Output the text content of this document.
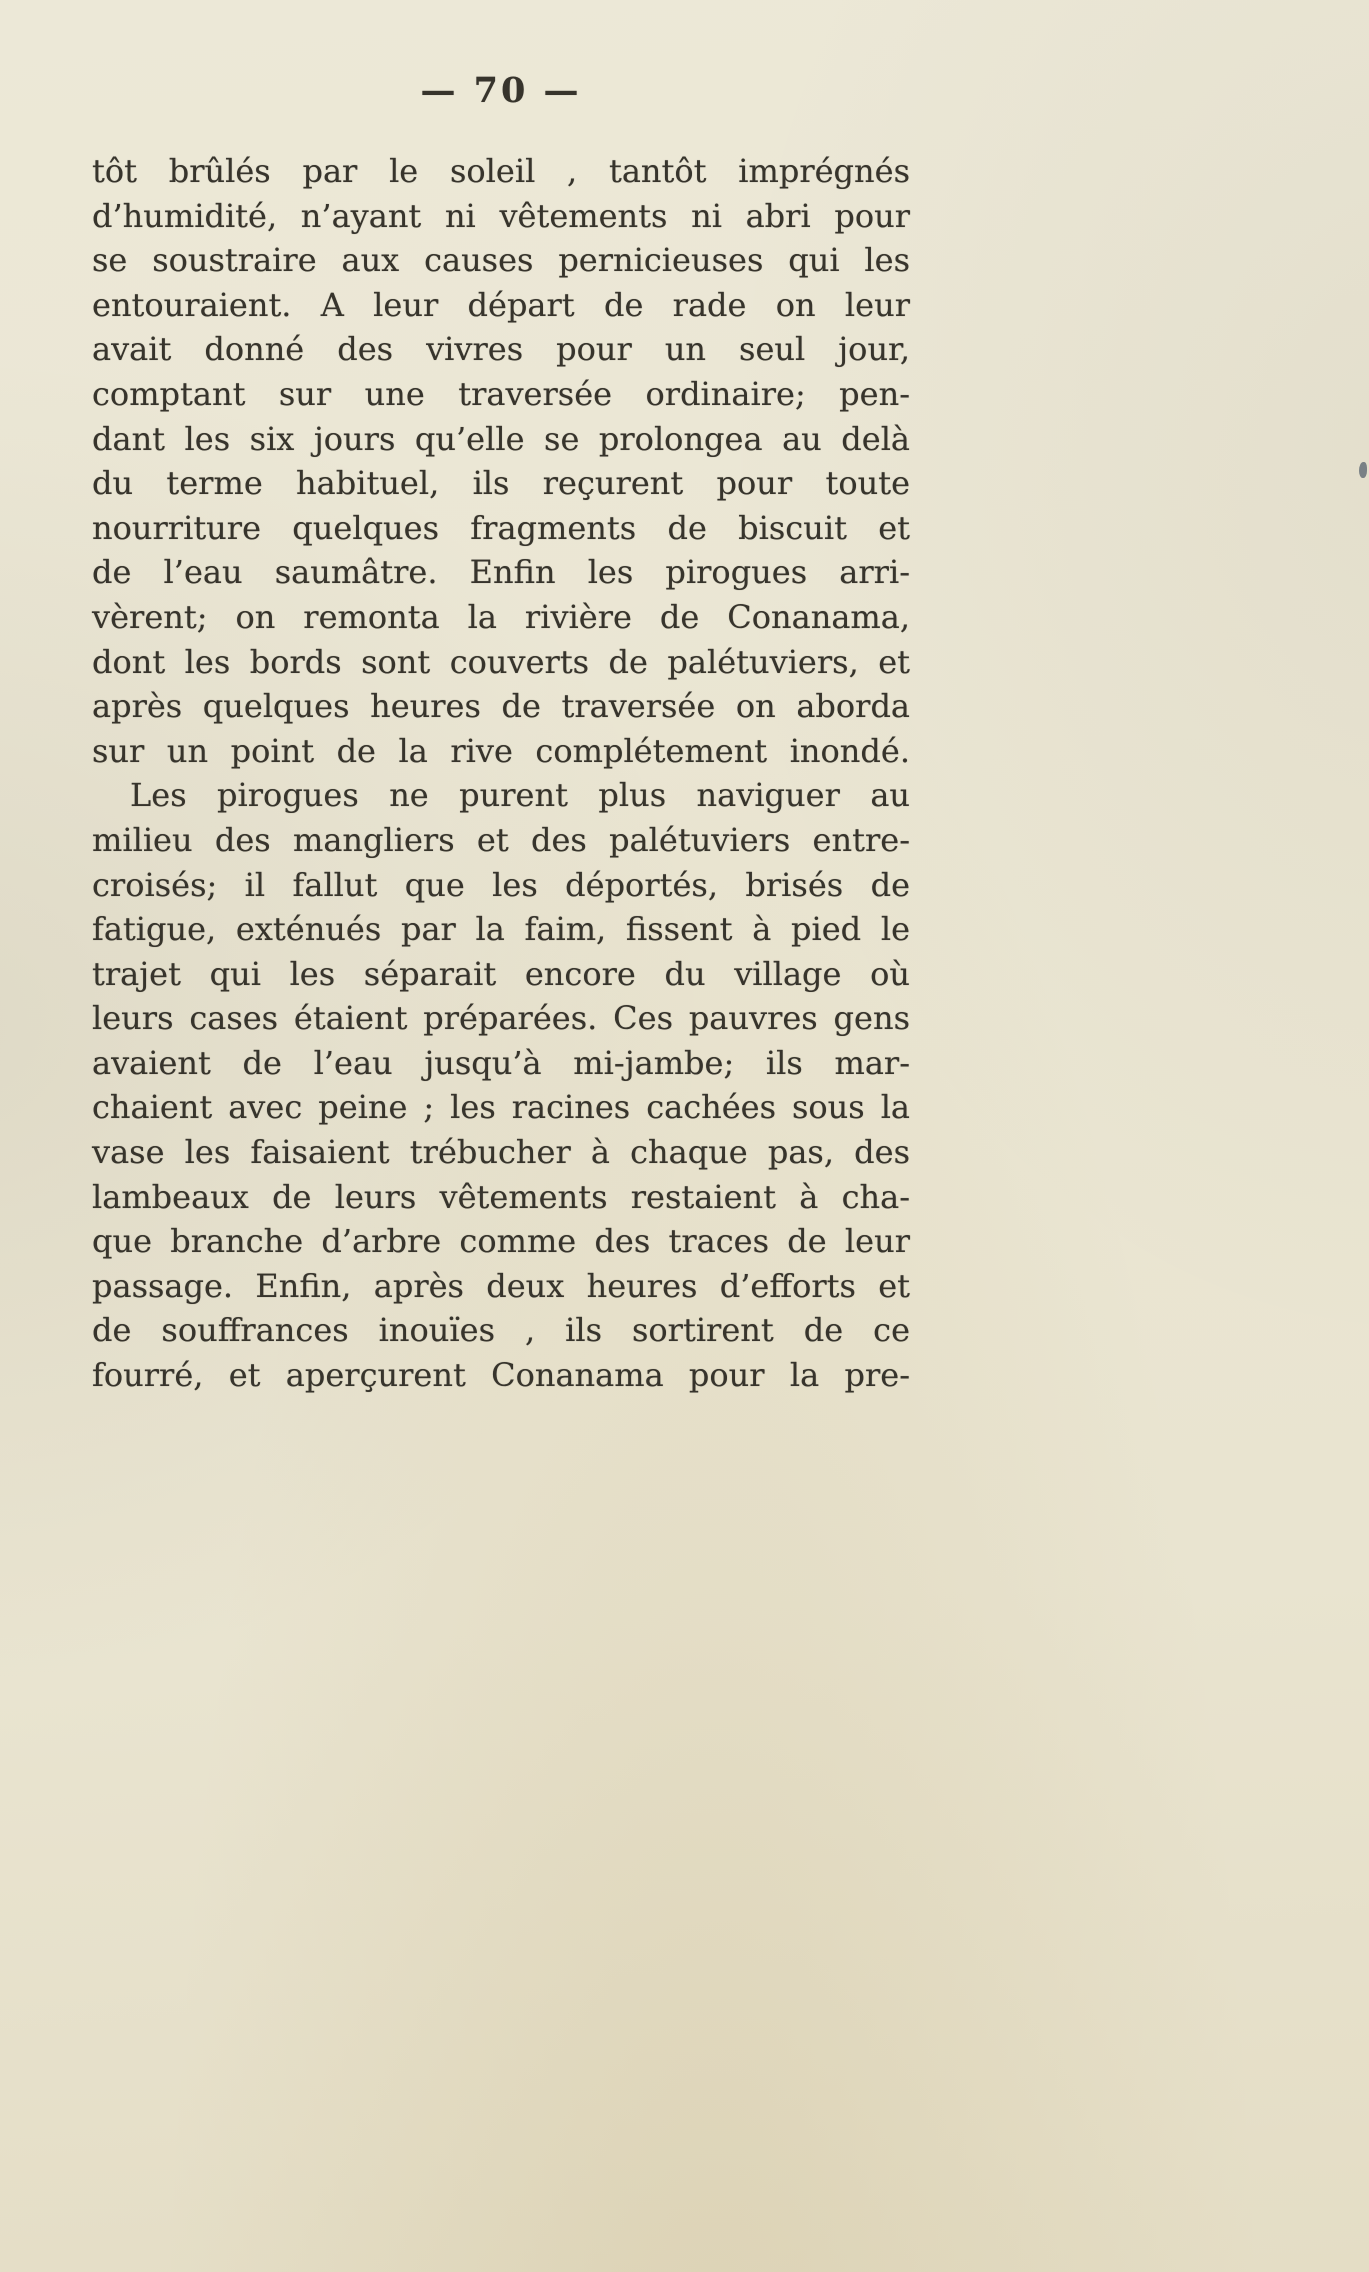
— 70 —
tôt brûlés par le soleil , tantôt imprégnés
d’humidité, n’ayant ni vêtements ni abri pour
se soustraire aux causes pernicieuses qui les
entouraient. A leur départ de rade on leur
avait donné des vivres pour un seul jour,
comptant sur une traversée ordinaire; pen-
dant les six jours qu’elle se prolongea au delà
du terme habituel, ils reçurent pour toute
nourriture quelques fragments de biscuit et
de l’eau saumâtre. Enfin les pirogues arri-
vèrent; on remonta la rivière de Conanama,
dont les bords sont couverts de palétuviers, et
après quelques heures de traversée on aborda
sur un point de la rive complétement inondé.
Les pirogues ne purent plus naviguer au
milieu des mangliers et des palétuviers entre-
croisés; il fallut que les déportés, brisés de
fatigue, exténués par la faim, fissent à pied le
trajet qui les séparait encore du village où
leurs cases étaient préparées. Ces pauvres gens
avaient de l’eau jusqu’à mi-jambe; ils mar-
chaient avec peine ; les racines cachées sous la
vase les faisaient trébucher à chaque pas, des
lambeaux de leurs vêtements restaient à cha-
que branche d’arbre comme des traces de leur
passage. Enfin, après deux heures d’efforts et
de souffrances inouïes , ils sortirent de ce
fourré, et aperçurent Conanama pour la pre-
